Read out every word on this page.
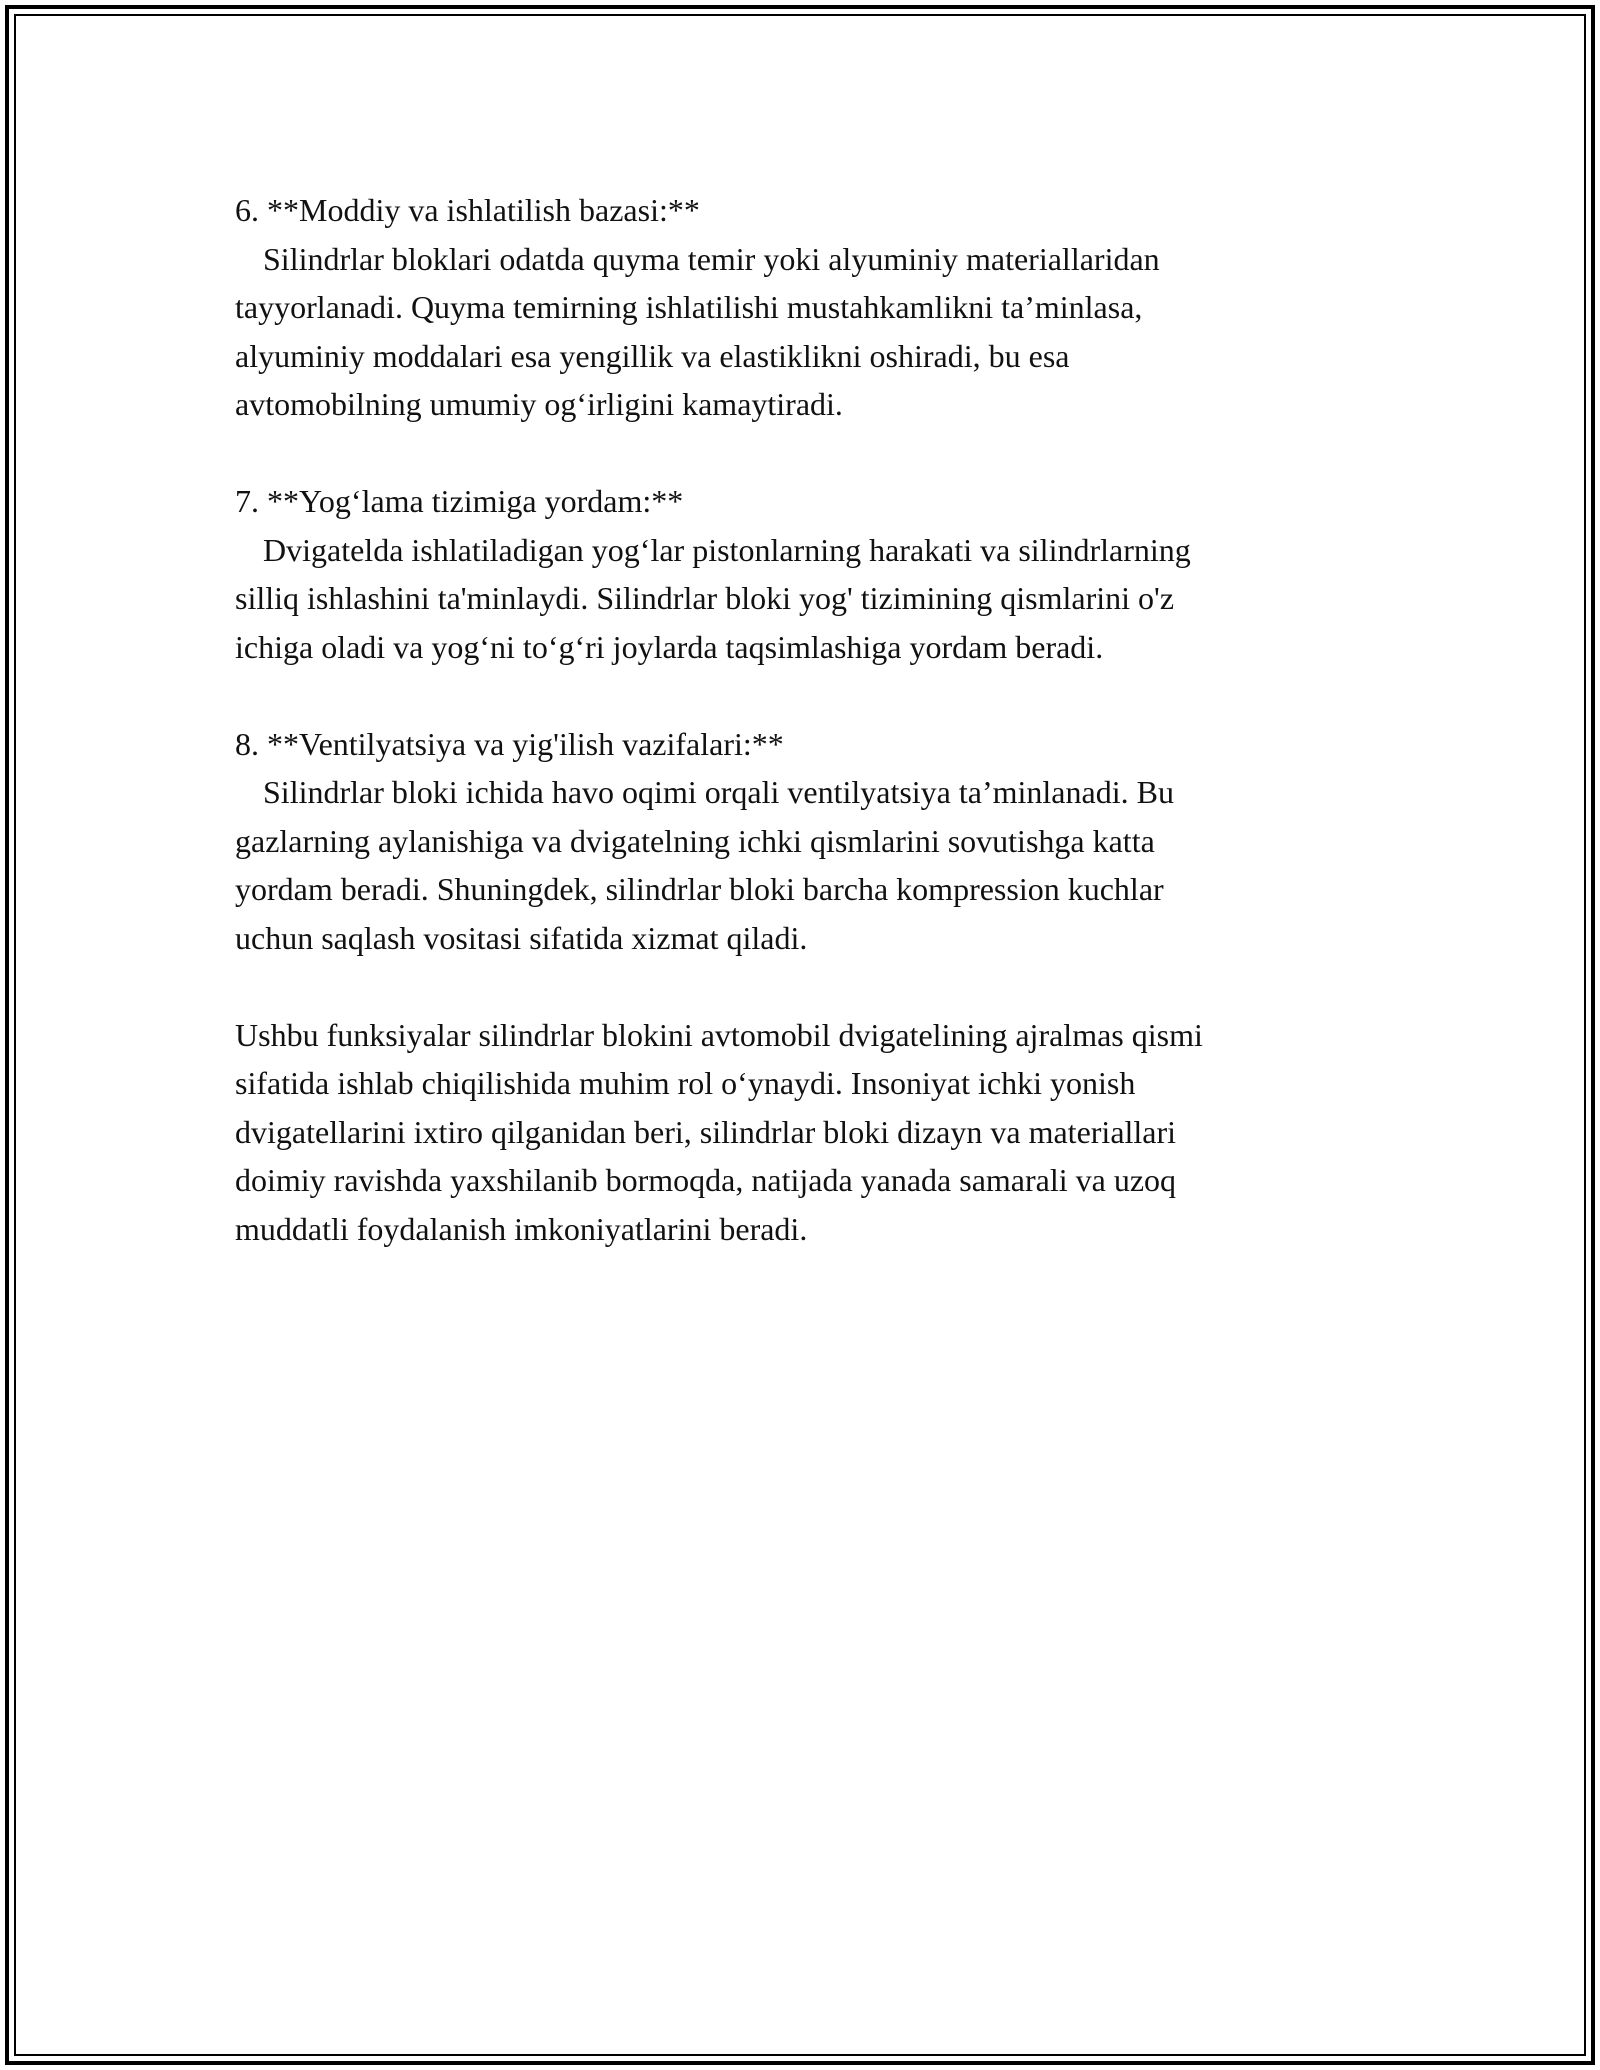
6. **Moddiy va ishlatilish bazasi:**
Silindrlar bloklari odatda quyma temir yoki alyuminiy materiallaridan
tayyorlanadi. Quyma temirning ishlatilishi mustahkamlikni ta’minlasa,
alyuminiy moddalari esa yengillik va elastiklikni oshiradi, bu esa
avtomobilning umumiy og‘irligini kamaytiradi.
7. **Yog‘lama tizimiga yordam:**
Dvigatelda ishlatiladigan yog‘lar pistonlarning harakati va silindrlarning
silliq ishlashini ta'minlaydi. Silindrlar bloki yog' tizimining qismlarini o'z
ichiga oladi va yog‘ni to‘g‘ri joylarda taqsimlashiga yordam beradi.
8. **Ventilyatsiya va yig'ilish vazifalari:**
Silindrlar bloki ichida havo oqimi orqali ventilyatsiya ta’minlanadi. Bu
gazlarning aylanishiga va dvigatelning ichki qismlarini sovutishga katta
yordam beradi. Shuningdek, silindrlar bloki barcha kompression kuchlar
uchun saqlash vositasi sifatida xizmat qiladi.
Ushbu funksiyalar silindrlar blokini avtomobil dvigatelining ajralmas qismi
sifatida ishlab chiqilishida muhim rol o‘ynaydi. Insoniyat ichki yonish
dvigatellarini ixtiro qilganidan beri, silindrlar bloki dizayn va materiallari
doimiy ravishda yaxshilanib bormoqda, natijada yanada samarali va uzoq
muddatli foydalanish imkoniyatlarini beradi.
